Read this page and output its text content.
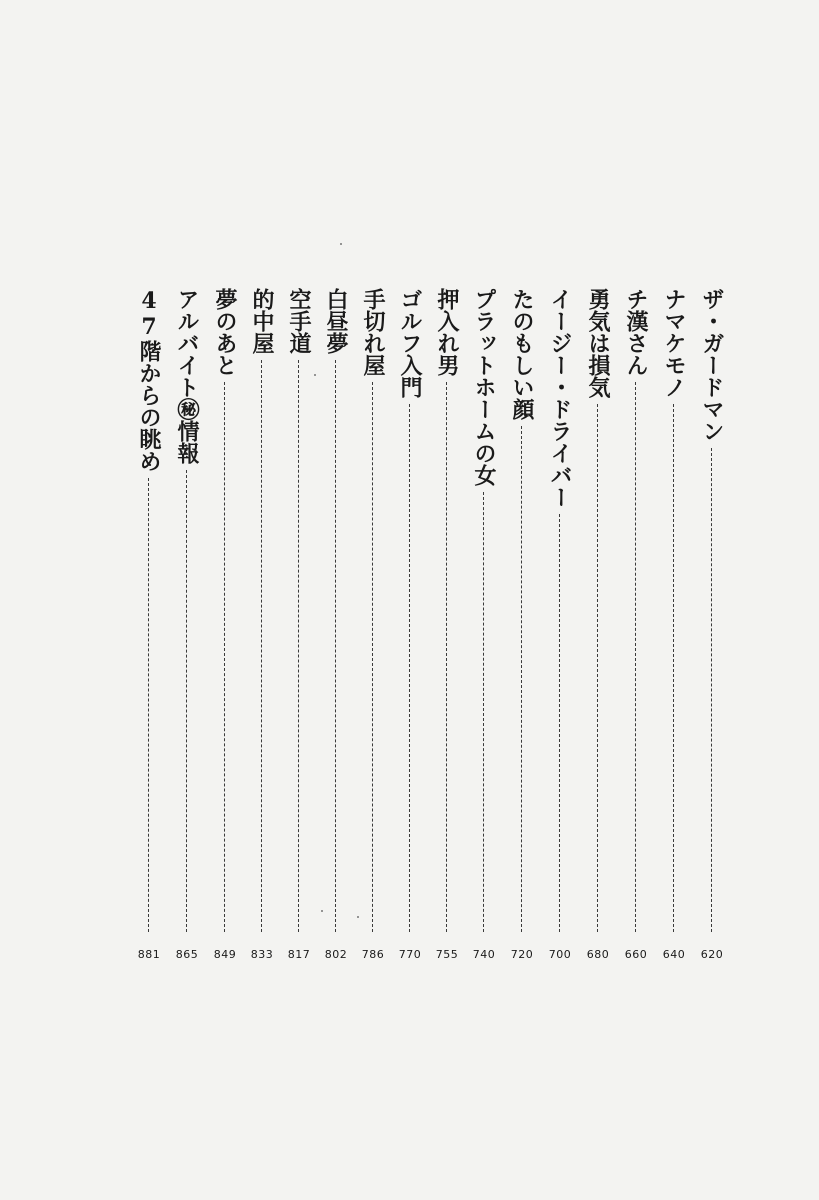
ザ・ガードマン
620
ナマケモノ
640
チ漢さん
660
勇気は損気
680
イージー・ドライバー
700
たのもしい顔
720
プラットホームの女
740
押入れ男
755
ゴルフ入門
770
手切れ屋
786
白昼夢
802
空手道
817
的中屋
833
夢のあと
849
アルバイト㊙情報
865
47階からの眺め
881
